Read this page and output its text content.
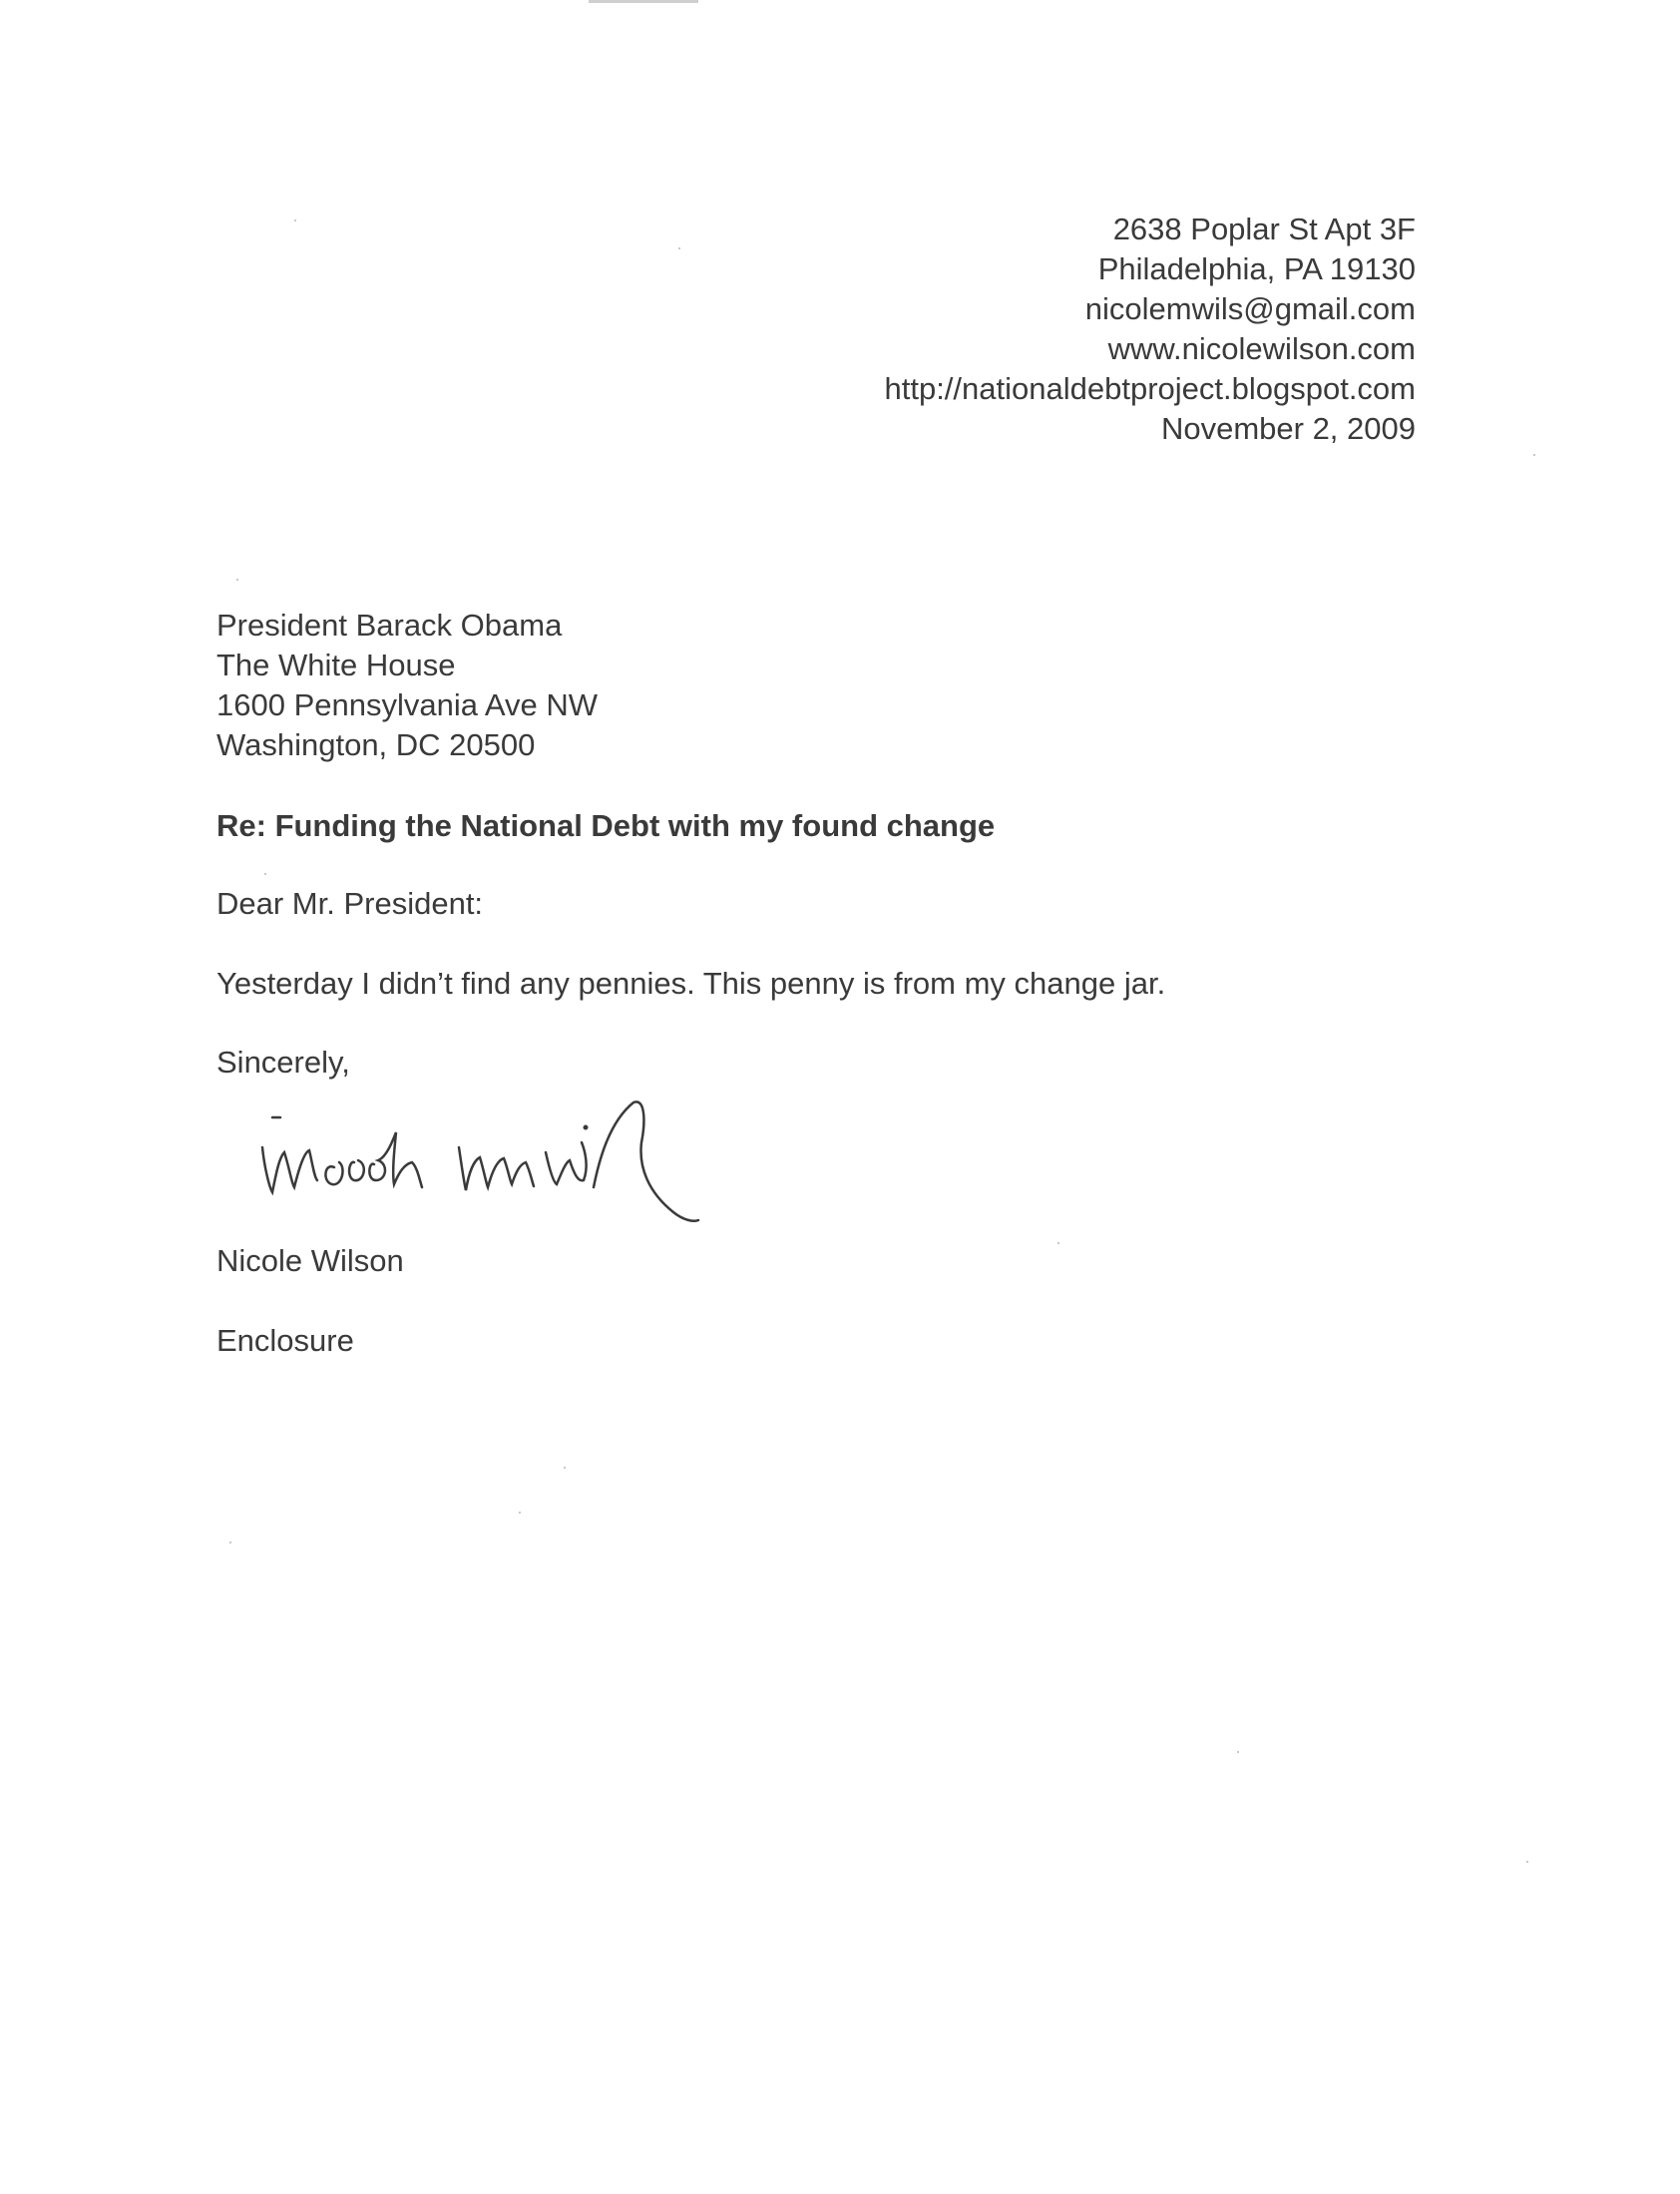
2638 Poplar St Apt 3F
Philadelphia, PA 19130
nicolemwils@gmail.com
www.nicolewilson.com
http://nationaldebtproject.blogspot.com
November 2, 2009
President Barack Obama
The White House
1600 Pennsylvania Ave NW
Washington, DC 20500
Re: Funding the National Debt with my found change
Dear Mr. President:
Yesterday I didn’t find any pennies. This penny is from my change jar.
Sincerely,
Nicole Wilson
Enclosure
